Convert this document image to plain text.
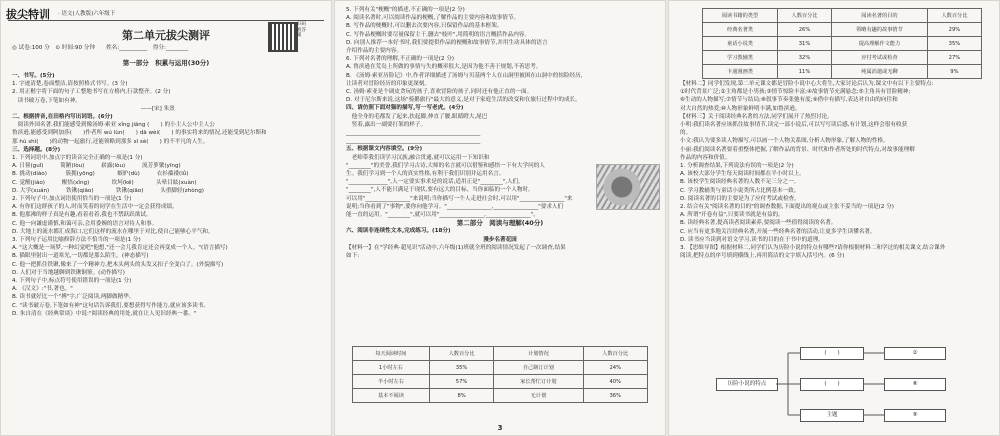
拔尖特训 · 语文(人教版)六年级下
扫码看答案
第二单元拔尖测评
◎ 试卷:100 分　⊙ 时间:90 分钟　　姓名:__________　得分:________
第一部分　积累与运用(30分)
一、书写。(5分)
1. 字迹清楚,卷面整洁,请按照格式书写。(3 分)
2. 用正楷字将下面的句子工整地书写在方格内,行款整齐。(2 分)
　读书破万卷,下笔如有神。
　　　　　　　　　　　　　　　　　　　　　　　——[宋] 朱熹
二、根据拼音,在田格内写出词语。(6分)
　阅读外国名著,我们能感受到像汤姆·索亚 xǐng jiāng (　　) 的小主人公中主人公
鲁滨逊,能感受到阿加莎(　　)作者所 wú lùn(　　) dā wèi(　　) 的事实将来的情况,还能受到尼尔斯和
那 hú shì(　　)的动物一起旅行,还能领略到那多 sī sè(　　) 的不平凡的人生。
三、选择题。(8分)
1. 下列词语中,加点字的读音完全正确的一项是(1 分)
A. 日晷(guǐ)　　　简陋(lòu)　　　崭露(lòu)　　　流芳萝蘩(yīng)
B. 挑动(diào)　　 　簇拥(yōng)　　　　嫉妒(dù)　　　衣衫褴褛(lǚ)
C. 觉醒(jiào)　　　醒悟(xǐng)　　　　坎坷(kě)　　　　头晕目眩(xuàn)
D. 大学(xuán)　　　铁锹(qiāo)　　　　铁锹(qiāo)　　　头重脚轻(zhòng)
2. 下列句子中,加点词语使用恰当的一项是(1 分)
A. 有你们这群孩子的人,时而笑着的同学在生活中一定会获得成绩。
B. 他那沸的样子真是有趣,看着看着,我也不禁跃跃欲试。
C. 他一向谦虚谨慎,和蔼可亲,会用委婉的语言对待人和事。
D. 大地上的流水都汇成海口,它们这样的流水在哪里于对比,使自己能够心平气和。
3. 下列句子运用比喻修辞方法不恰当的一项是(1 分)
A. "这大概是一场梦,一种幻觉吧"他想,"还一会儿我肯定还会再变成一个人。"(语言描写)
B. 猫眼里射出一道寒光,一切都是那么陌生。(神态描写)
C. 他一把抓住铁锹,像来了一个精神力,把木头两头的头发又扣子全变白了。(外貌描写)
D. 人们对于当地越聊到铁锹铜鉴。(动作描写)
4. 下列句子中,标点符号使用错误的一项是(1 分)
A. 《汉文》:"书,著也。"
B. 读书就好比一个"搏"字,广泛阅读,两脚做精华。
C. "读书破万卷,下笔如有神"这句话告诉我们,要想获得写作能力,就应该多读书。
D. 朱自清在《经典常谈》中说:"阅读经典的用处,就在让人见识经典一番。"
5. 下列有关"梗概"的描述,不正确的一项是(2 分)
A. 阅读名著时,可以阅读作品的梗概,了解作品的主要内容和故事情节。
B. 写作品的梗概时,可以删去次要内容,只保留作品的基本框架。
C. 写作品梗概时要尽量保留主干,删去"枝叶",用简明的语言概括作品内容。
D. 向别人推荐一本好书时,我们要提供作品的梗概和故事情节,并用生动具体的语言
介绍作品的主要内容。
6. 下列对名著的理解,不正确的一项是(2 分)
A. 鲁滨逊在荒岛上所做的事情与失的概率很大,是因为他不善于规划,不善思考。
B. 《汤姆·索亚历险记》中,作者详细描述了汤姆与贝基两个人在山洞里被困在山洞中的惊险经历,
让读者对冒险经历的印象更深刻。
C. 汤姆·索亚是个调皮贪玩的孩子,喜欢冒险的孩子,同时还有他正直的一面。
D. 对于尼尔斯来说,这场"骑鹅旅行"最大的意义,是对于家庭生活的改变和在旅行过程中的成长。
四、请仿照下面对猫的描写,写一写老虎。(4分)
　他全身的毛都发了起来,扶起脚,伸直了腰,眼睛瞪大,尾巴
　竖着,露出一副要打架的样子。
________________________________________________
________________________________________________
五、根据课文内容填空。(9分)
　老师带我们读学习汉族,融合贯通,就可以运用一下知识和
"________"的美誉,我们学习古诗,大师的名言就可以借鉴和感悟一下有大学问的人
生。我们学习到一个人的真实性格,有利于我们识别并运用名言。
"______________",人一定要实事求是的说话,适用正是"________",人们。
"________",人不能只满足于现状,要有远大的目标。当你面临的一个人物时,
可以用"________________"来说明;当你描写一个人走进社会时,可以用"________________"来
说明;当你看到了"事物",要你向他学习。"________________,________________"要求人们
能一直的运用。"________",就可以用"________________,________________"。
第二部分　阅读与理解(40分)
六、阅读非连续性文本,完成练习。(18分)
漫步名著花园
【材料一】在"学经典·超见识"活动中,六年级(1)班就全班的阅读情况发起了一次调查,结果
如下:
每天阅读时间	人数百分比	计划情况	人数百分比
1小时左右	35%	自己制订计划	24%
半小时左右	57%	家长帮忙订计划	40%
基本不阅读	8%	无计划	36%
3
阅读书籍的类型	人数百分比	阅读名著的目的	人数百分比
经典名著类	26%	领略有趣的故事情节	29%
童话小说类	31%	提高理解作文能力	35%
学习教辅类	32%	应付考试或检查	27%
卡通漫画类	11%	纯属消遣或无聊	9%
【材料二】同学们发现,第二单元课文都是冒险小说中心大将生,大家讨论后认为,课文中有以下主要特点:
①时代背景广泛;②主角都是小男孩;③情节惊险丰富;④故事情节充满悬念;⑤主角具有冒险精神;
⑥生动的人物描写;⑦情节与结局;⑧叙事节奏张弛有度;⑨借中有描写,表达对自由的向往和
对大自然的热爱;⑩人物形象鲜明丰满,如鲁滨逊。
【材料三】关于阅读经典名著的方法,同学们展开了热烈讨论。
小明:我们读名著应该抓住故事情节,读完一部小说后,可以写写读后感,有计划,这样会很有收获
的。
小文:我认为要多读人物描写,可以画一个人物关系图,分析人物形象,了解人物的性格。
小丽:我们阅读名著要着重整体把握,了解作品的背景、时代和作者所处的时代特点,对故事能理解
作品的内容和价值。
1. 分析调查结果,下列说法有误的一项是(2 分)
A. 该校大部分学生每天阅读时间都在半小时以上。
B. 该校学生阅读经典名著的人数不足三分之一。
C. 学习教辅类与童话小说类所占比例基本一致。
D. 阅读名著的目的主要是为了应付考试或检查。
2. 结合有关"阅读名著的目的"的调查数据,下面提出的观点或主张不妥当的一项是(2 分)
A. 所谓"开卷有益",只要读书就是有益的。
B. 读经典名著,提高读者阅读素养,要阅读一些值得阅读的名著。
C. 应当有更多地关注经典名著,开展一些经典名著的活动,让更多学生读懂名著。
D. 读书应当读到对语文学习,读书的目的在于书中的道理。
3. 【思维导图】根据材料二,同学们认为历险小说的特点有哪些?请你根据材料二和学过的相关课文,结合课外
阅读,把特点的序号填到横线上,再用简洁的文字填入括号内。(6 分)
历险小说的特点
(　　)
(　　)
主题
②
⑧
⑨
